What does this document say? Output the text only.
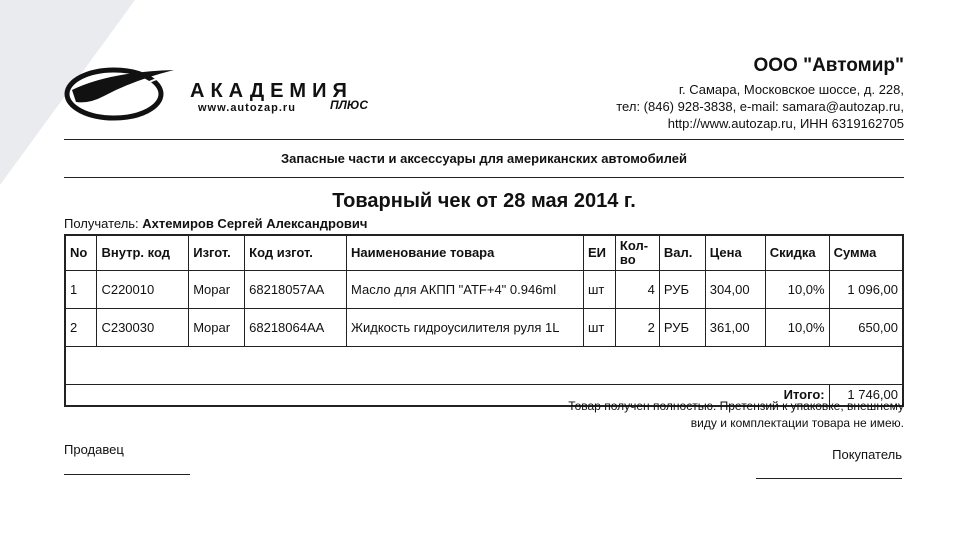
АКАДЕМИЯ
www.autozap.ru	ПЛЮС
ООО "Автомир"
г. Самара, Московское шоссе, д. 228,
тел: (846) 928-3838, e-mail: samara@autozap.ru,
http://www.autozap.ru, ИНН 6319162705
Запасные части и аксессуары для американских автомобилей
Товарный чек от 28 мая 2014 г.
Получатель: Ахтемиров Сергей Александрович
No	Внутр. код	Изгот.	Код изгот.	Наименование товара	ЕИ	Кол-во	Вал.	Цена	Скидка	Сумма
1	C220010	Mopar	68218057AA	Масло для АКПП "ATF+4" 0.946ml	шт	4	РУБ	304,00	10,0%	1 096,00
2	C230030	Mopar	68218064AA	Жидкость гидроусилителя руля 1L	шт	2	РУБ	361,00	10,0%	650,00

Итого:										1 746,00
Товар получен полностью. Претензий к упаковке, внешнему
виду и комплектации товара не имею.
Продавец	Покупатель
